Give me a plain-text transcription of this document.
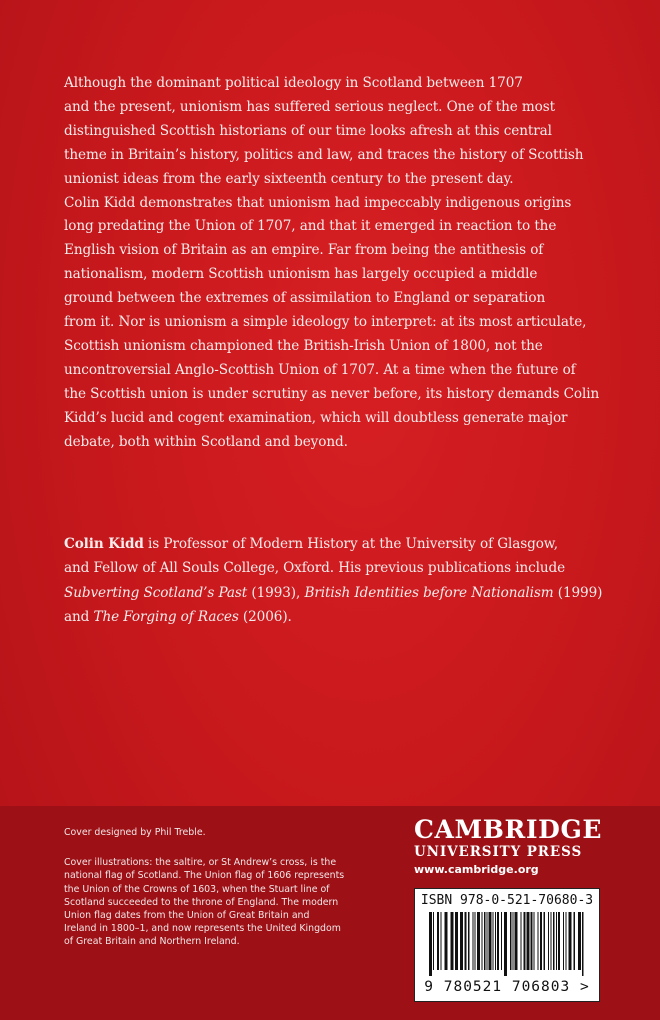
Although the dominant political ideology in Scotland between 1707
and the present, unionism has suffered serious neglect. One of the most
distinguished Scottish historians of our time looks afresh at this central
theme in Britain’s history, politics and law, and traces the history of Scottish
unionist ideas from the early sixteenth century to the present day.
Colin Kidd demonstrates that unionism had impeccably indigenous origins
long predating the Union of 1707, and that it emerged in reaction to the
English vision of Britain as an empire. Far from being the antithesis of
nationalism, modern Scottish unionism has largely occupied a middle
ground between the extremes of assimilation to England or separation
from it. Nor is unionism a simple ideology to interpret: at its most articulate,
Scottish unionism championed the British-Irish Union of 1800, not the
uncontroversial Anglo-Scottish Union of 1707. At a time when the future of
the Scottish union is under scrutiny as never before, its history demands Colin
Kidd’s lucid and cogent examination, which will doubtless generate major
debate, both within Scotland and beyond.
Colin Kidd is Professor of Modern History at the University of Glasgow,
and Fellow of All Souls College, Oxford. His previous publications include
Subverting Scotland’s Past (1993), British Identities before Nationalism (1999)
and The Forging of Races (2006).
Cover designed by Phil Treble.
Cover illustrations: the saltire, or St Andrew’s cross, is the
national flag of Scotland. The Union flag of 1606 represents
the Union of the Crowns of 1603, when the Stuart line of
Scotland succeeded to the throne of England. The modern
Union flag dates from the Union of Great Britain and
Ireland in 1800–1, and now represents the United Kingdom
of Great Britain and Northern Ireland.
CAMBRIDGE
UNIVERSITY PRESS
www.cambridge.org
ISBN 978-0-521-70680-3
9 780521 706803 >
